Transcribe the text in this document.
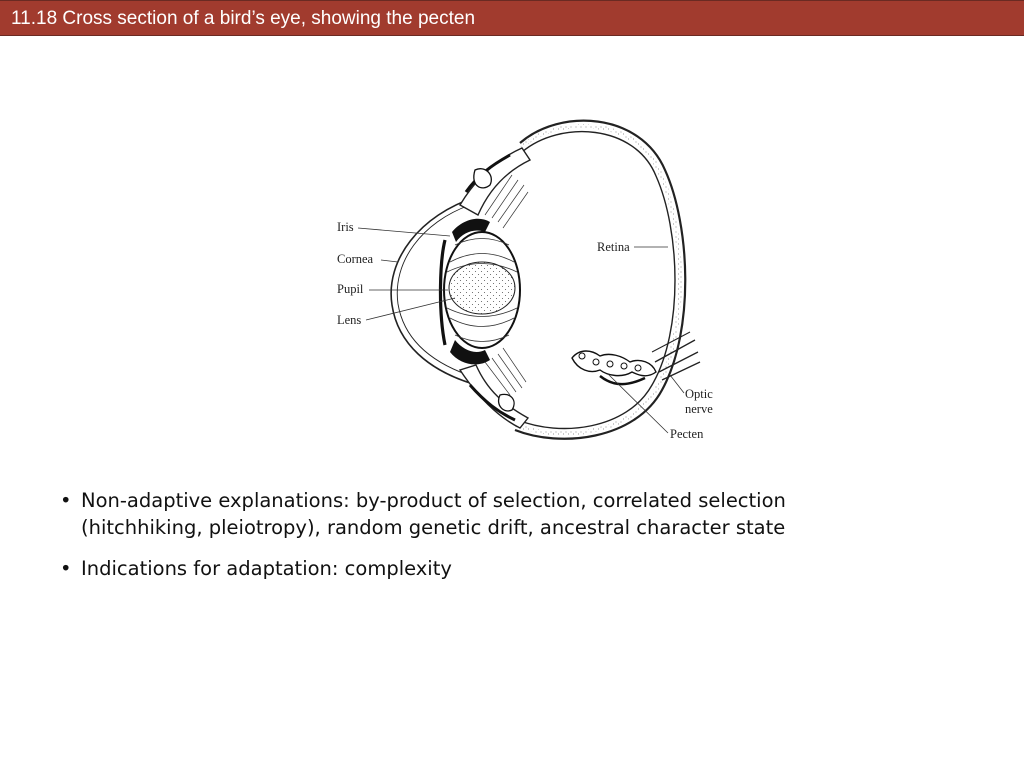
11.18 Cross section of a bird’s eye, showing the pecten
Iris
Cornea
Pupil
Lens
Retina
Optic
nerve
Pecten
• Non-adaptive explanations: by-product of selection, correlated selection (hitchhiking, pleiotropy), random genetic drift, ancestral character state
• Indications for adaptation: complexity
